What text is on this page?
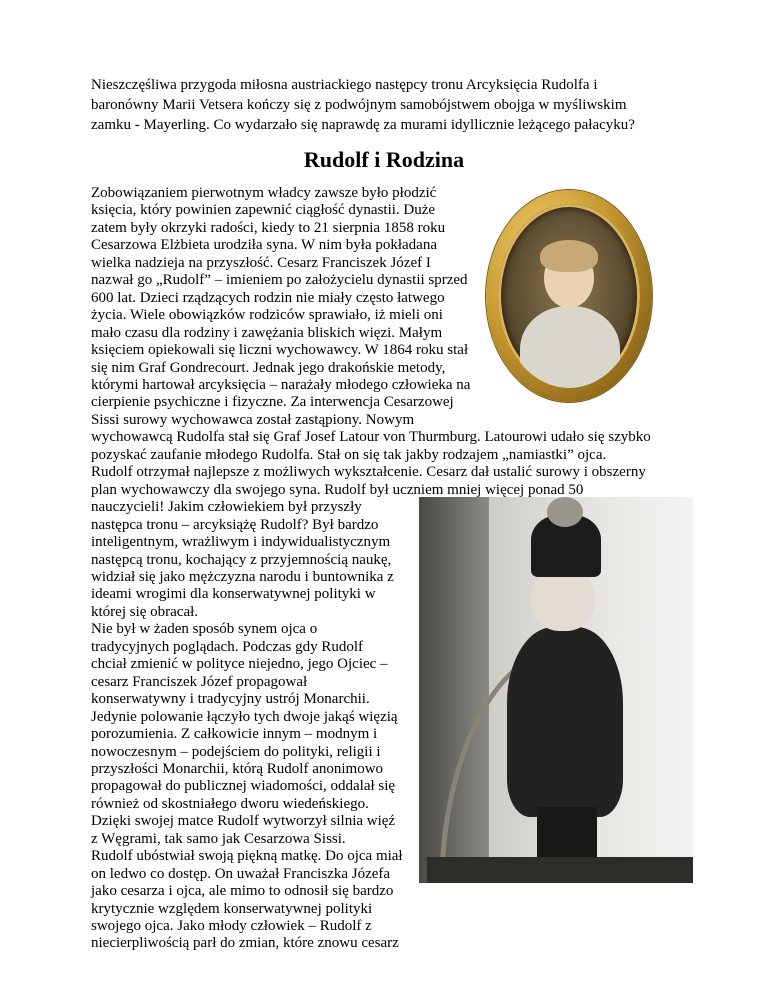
Nieszczęśliwa przygoda miłosna austriackiego następcy tronu Arcyksięcia Rudolfa i
baronówny Marii Vetsera kończy się z podwójnym samobójstwem obojga w myśliwskim
zamku - Mayerling. Co wydarzało się naprawdę za murami idyllicznie leżącego pałacyku?
Rudolf i Rodzina
Zobowiązaniem pierwotnym władcy zawsze było płodzić
księcia, który powinien zapewnić ciągłość dynastii. Duże
zatem były okrzyki radości, kiedy to 21 sierpnia 1858 roku
Cesarzowa Elżbieta urodziła syna. W nim była pokładana
wielka nadzieja na przyszłość. Cesarz Franciszek Józef I
nazwał go „Rudolf” – imieniem po założycielu dynastii sprzed
600 lat. Dzieci rządzących rodzin nie miały często łatwego
życia. Wiele obowiązków rodziców sprawiało, iż mieli oni
mało czasu dla rodziny i zawężania bliskich więzi. Małym
księciem opiekowali się liczni wychowawcy. W 1864 roku stał
się nim Graf Gondrecourt. Jednak jego drakońskie metody,
którymi hartował arcyksięcia – narażały młodego człowieka na
cierpienie psychiczne i fizyczne. Za interwencja Cesarzowej
Sissi surowy wychowawca został zastąpiony. Nowym
wychowawcą Rudolfa stał się Graf Josef Latour von Thurmburg. Latourowi udało się szybko
pozyskać zaufanie młodego Rudolfa. Stał on się tak jakby rodzajem „namiastki” ojca.
Rudolf otrzymał najlepsze z możliwych wykształcenie. Cesarz dał ustalić surowy i obszerny
plan wychowawczy dla swojego syna. Rudolf był uczniem mniej więcej ponad 50
nauczycieli! Jakim człowiekiem był przyszły
następca tronu – arcyksiążę Rudolf? Był bardzo
inteligentnym, wrażliwym i indywidualistycznym
następcą tronu, kochający z przyjemnością naukę,
widział się jako mężczyzna narodu i buntownika z
ideami wrogimi dla konserwatywnej polityki w
której się obracał.
Nie był w żaden sposób synem ojca o
tradycyjnych poglądach. Podczas gdy Rudolf
chciał zmienić w polityce niejedno, jego Ojciec –
cesarz Franciszek Józef propagował
konserwatywny i tradycyjny ustrój Monarchii.
Jedynie polowanie łączyło tych dwoje jakąś więzią
porozumienia. Z całkowicie innym – modnym i
nowoczesnym – podejściem do polityki, religii i
przyszłości Monarchii, którą Rudolf anonimowo
propagował do publicznej wiadomości, oddalał się
również od skostniałego dworu wiedeńskiego.
Dzięki swojej matce Rudolf wytworzył silnia więź
z Węgrami, tak samo jak Cesarzowa Sissi.
Rudolf ubóstwiał swoją piękną matkę. Do ojca miał
on ledwo co dostęp. On uważał Franciszka Józefa
jako cesarza i ojca, ale mimo to odnosił się bardzo
krytycznie względem konserwatywnej polityki
swojego ojca. Jako młody człowiek – Rudolf z
niecierpliwością parł do zmian, które znowu cesarz
